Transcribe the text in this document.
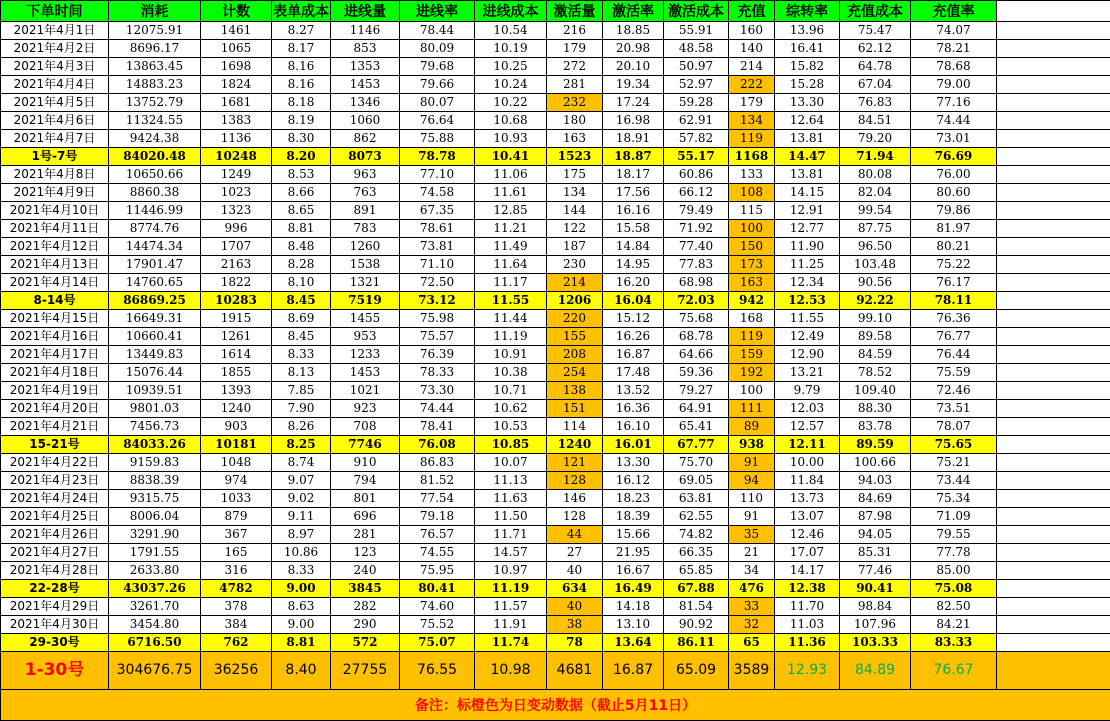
下单时间	消耗	计数	表单成本	进线量	进线率	进线成本	激活量	激活率	激活成本	充值	综转率	充值成本	充值率	
2021年4月1日	12075.91	1461	8.27	1146	78.44	10.54	216	18.85	55.91	160	13.96	75.47	74.07	
2021年4月2日	8696.17	1065	8.17	853	80.09	10.19	179	20.98	48.58	140	16.41	62.12	78.21	
2021年4月3日	13863.45	1698	8.16	1353	79.68	10.25	272	20.10	50.97	214	15.82	64.78	78.68	
2021年4月4日	14883.23	1824	8.16	1453	79.66	10.24	281	19.34	52.97	222	15.28	67.04	79.00	
2021年4月5日	13752.79	1681	8.18	1346	80.07	10.22	232	17.24	59.28	179	13.30	76.83	77.16	
2021年4月6日	11324.55	1383	8.19	1060	76.64	10.68	180	16.98	62.91	134	12.64	84.51	74.44	
2021年4月7日	9424.38	1136	8.30	862	75.88	10.93	163	18.91	57.82	119	13.81	79.20	73.01	
1号-7号	84020.48	10248	8.20	8073	78.78	10.41	1523	18.87	55.17	1168	14.47	71.94	76.69	
2021年4月8日	10650.66	1249	8.53	963	77.10	11.06	175	18.17	60.86	133	13.81	80.08	76.00	
2021年4月9日	8860.38	1023	8.66	763	74.58	11.61	134	17.56	66.12	108	14.15	82.04	80.60	
2021年4月10日	11446.99	1323	8.65	891	67.35	12.85	144	16.16	79.49	115	12.91	99.54	79.86	
2021年4月11日	8774.76	996	8.81	783	78.61	11.21	122	15.58	71.92	100	12.77	87.75	81.97	
2021年4月12日	14474.34	1707	8.48	1260	73.81	11.49	187	14.84	77.40	150	11.90	96.50	80.21	
2021年4月13日	17901.47	2163	8.28	1538	71.10	11.64	230	14.95	77.83	173	11.25	103.48	75.22	
2021年4月14日	14760.65	1822	8.10	1321	72.50	11.17	214	16.20	68.98	163	12.34	90.56	76.17	
8-14号	86869.25	10283	8.45	7519	73.12	11.55	1206	16.04	72.03	942	12.53	92.22	78.11	
2021年4月15日	16649.31	1915	8.69	1455	75.98	11.44	220	15.12	75.68	168	11.55	99.10	76.36	
2021年4月16日	10660.41	1261	8.45	953	75.57	11.19	155	16.26	68.78	119	12.49	89.58	76.77	
2021年4月17日	13449.83	1614	8.33	1233	76.39	10.91	208	16.87	64.66	159	12.90	84.59	76.44	
2021年4月18日	15076.44	1855	8.13	1453	78.33	10.38	254	17.48	59.36	192	13.21	78.52	75.59	
2021年4月19日	10939.51	1393	7.85	1021	73.30	10.71	138	13.52	79.27	100	9.79	109.40	72.46	
2021年4月20日	9801.03	1240	7.90	923	74.44	10.62	151	16.36	64.91	111	12.03	88.30	73.51	
2021年4月21日	7456.73	903	8.26	708	78.41	10.53	114	16.10	65.41	89	12.57	83.78	78.07	
15-21号	84033.26	10181	8.25	7746	76.08	10.85	1240	16.01	67.77	938	12.11	89.59	75.65	
2021年4月22日	9159.83	1048	8.74	910	86.83	10.07	121	13.30	75.70	91	10.00	100.66	75.21	
2021年4月23日	8838.39	974	9.07	794	81.52	11.13	128	16.12	69.05	94	11.84	94.03	73.44	
2021年4月24日	9315.75	1033	9.02	801	77.54	11.63	146	18.23	63.81	110	13.73	84.69	75.34	
2021年4月25日	8006.04	879	9.11	696	79.18	11.50	128	18.39	62.55	91	13.07	87.98	71.09	
2021年4月26日	3291.90	367	8.97	281	76.57	11.71	44	15.66	74.82	35	12.46	94.05	79.55	
2021年4月27日	1791.55	165	10.86	123	74.55	14.57	27	21.95	66.35	21	17.07	85.31	77.78	
2021年4月28日	2633.80	316	8.33	240	75.95	10.97	40	16.67	65.85	34	14.17	77.46	85.00	
22-28号	43037.26	4782	9.00	3845	80.41	11.19	634	16.49	67.88	476	12.38	90.41	75.08	
2021年4月29日	3261.70	378	8.63	282	74.60	11.57	40	14.18	81.54	33	11.70	98.84	82.50	
2021年4月30日	3454.80	384	9.00	290	75.52	11.91	38	13.10	90.92	32	11.03	107.96	84.21	
29-30号	6716.50	762	8.81	572	75.07	11.74	78	13.64	86.11	65	11.36	103.33	83.33	
1-30号	304676.75	36256	8.40	27755	76.55	10.98	4681	16.87	65.09	3589	12.93	84.89	76.67	
备注：标橙色为日变动数据（截止5月11日）														
